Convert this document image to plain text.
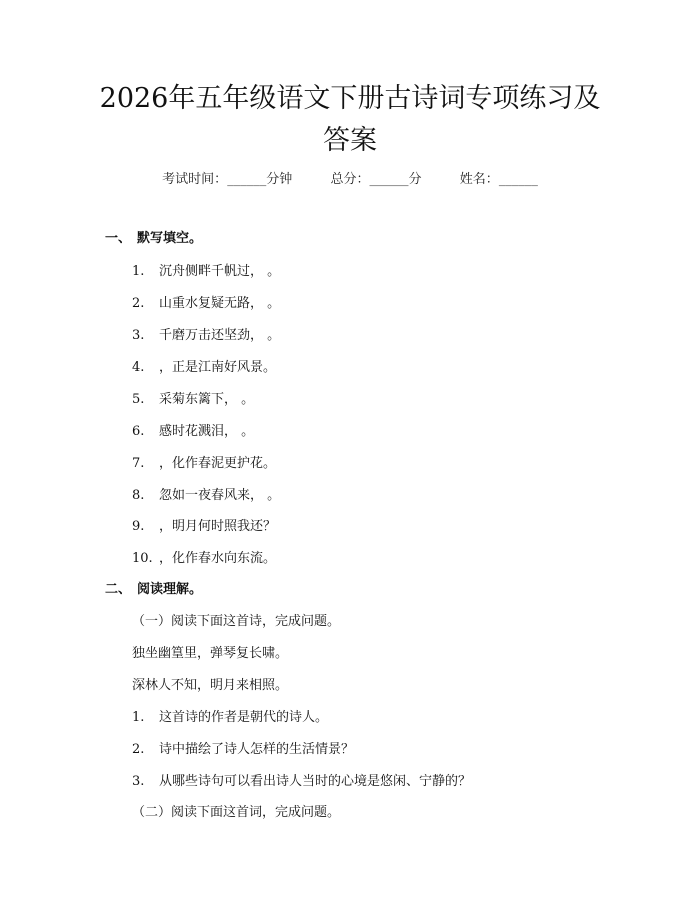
2026年五年级语文下册古诗词专项练习及答案
考试时间：______分钟	总分：______分	姓名：______
一、 默写填空。
1. 沉舟侧畔千帆过， 。
2. 山重水复疑无路， 。
3. 千磨万击还坚劲， 。
4. ，正是江南好风景。
5. 采菊东篱下， 。
6. 感时花溅泪， 。
7. ，化作春泥更护花。
8. 忽如一夜春风来， 。
9. ，明月何时照我还？
10. ，化作春水向东流。
二、 阅读理解。
（一）阅读下面这首诗，完成问题。
独坐幽篁里，弹琴复长啸。
深林人不知，明月来相照。
1. 这首诗的作者是朝代的诗人。
2. 诗中描绘了诗人怎样的生活情景？
3. 从哪些诗句可以看出诗人当时的心境是悠闲、宁静的？
（二）阅读下面这首词，完成问题。
